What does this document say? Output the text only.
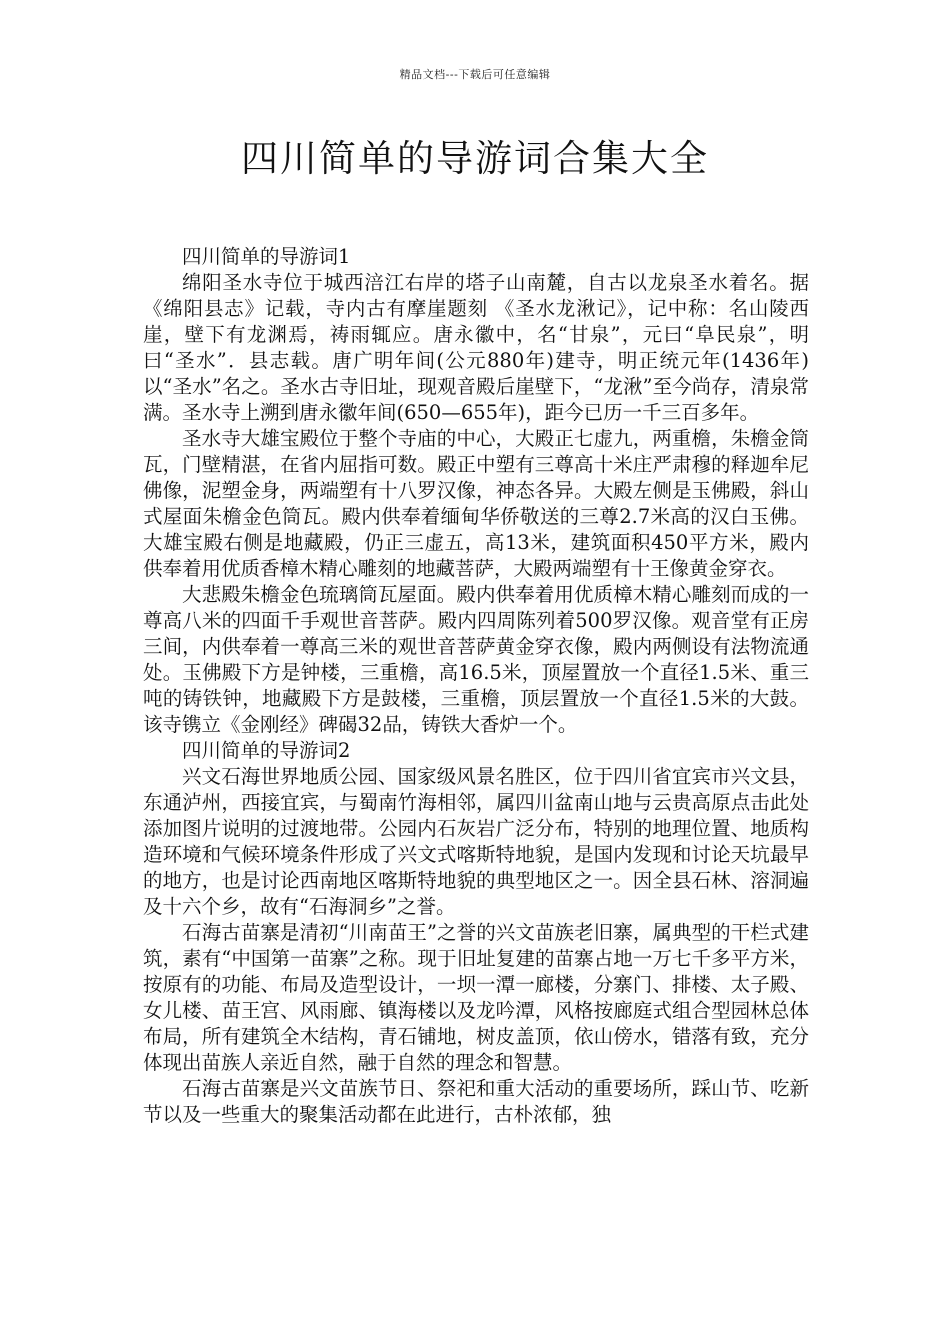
精品文档---下载后可任意编辑
四川简单的导游词合集大全
四川简单的导游词1

绵阳圣水寺位于城西涪江右岸的塔子山南麓，自古以龙泉圣水着名。据《绵阳县志》记载，寺内古有摩崖题刻 《圣水龙湫记》，记中称：名山陵西崖，壁下有龙渊焉，祷雨辄应。唐永徽中，名“甘泉”，元曰“阜民泉”，明曰“圣水”．县志载。唐广明年间(公元880年)建寺，明正统元年(1436年)以“圣水”名之。圣水古寺旧址，现观音殿后崖壁下，“龙湫”至今尚存，清泉常满。圣水寺上溯到唐永徽年间(650—655年)，距今已历一千三百多年。

圣水寺大雄宝殿位于整个寺庙的中心，大殿正七虚九，两重檐，朱檐金筒瓦，门壁精湛，在省内屈指可数。殿正中塑有三尊高十米庄严肃穆的释迦牟尼佛像，泥塑金身，两端塑有十八罗汉像，神态各异。大殿左侧是玉佛殿，斜山式屋面朱檐金色筒瓦。殿内供奉着缅甸华侨敬送的三尊2.7米高的汉白玉佛。大雄宝殿右侧是地藏殿，仍正三虚五，高13米，建筑面积450平方米，殿内供奉着用优质香樟木精心雕刻的地藏菩萨，大殿两端塑有十王像黄金穿衣。

大悲殿朱檐金色琉璃筒瓦屋面。殿内供奉着用优质樟木精心雕刻而成的一尊高八米的四面千手观世音菩萨。殿内四周陈列着500罗汉像。观音堂有正房三间，内供奉着一尊高三米的观世音菩萨黄金穿衣像，殿内两侧设有法物流通处。玉佛殿下方是钟楼，三重檐，高16.5米，顶屋置放一个直径1.5米、重三吨的铸铁钟，地藏殿下方是鼓楼，三重檐，顶层置放一个直径1.5米的大鼓。该寺镌立《金刚经》碑碣32品，铸铁大香炉一个。

四川简单的导游词2

兴文石海世界地质公园、国家级风景名胜区，位于四川省宜宾市兴文县，东通泸州，西接宜宾，与蜀南竹海相邻，属四川盆南山地与云贵高原点击此处添加图片说明的过渡地带。公园内石灰岩广泛分布，特别的地理位置、地质构造环境和气候环境条件形成了兴文式喀斯特地貌，是国内发现和讨论天坑最早的地方，也是讨论西南地区喀斯特地貌的典型地区之一。因全县石林、溶洞遍及十六个乡，故有“石海洞乡”之誉。

石海古苗寨是清初“川南苗王”之誉的兴文苗族老旧寨，属典型的干栏式建筑，素有“中国第一苗寨”之称。现于旧址复建的苗寨占地一万七千多平方米，按原有的功能、布局及造型设计，一坝一潭一廊楼，分寨门、排楼、太子殿、女儿楼、苗王宫、风雨廊、镇海楼以及龙吟潭，风格按廊庭式组合型园林总体布局，所有建筑全木结构，青石铺地，树皮盖顶，依山傍水，错落有致，充分体现出苗族人亲近自然，融于自然的理念和智慧。

石海古苗寨是兴文苗族节日、祭祀和重大活动的重要场所，踩山节、吃新节以及一些重大的聚集活动都在此进行，古朴浓郁，独
